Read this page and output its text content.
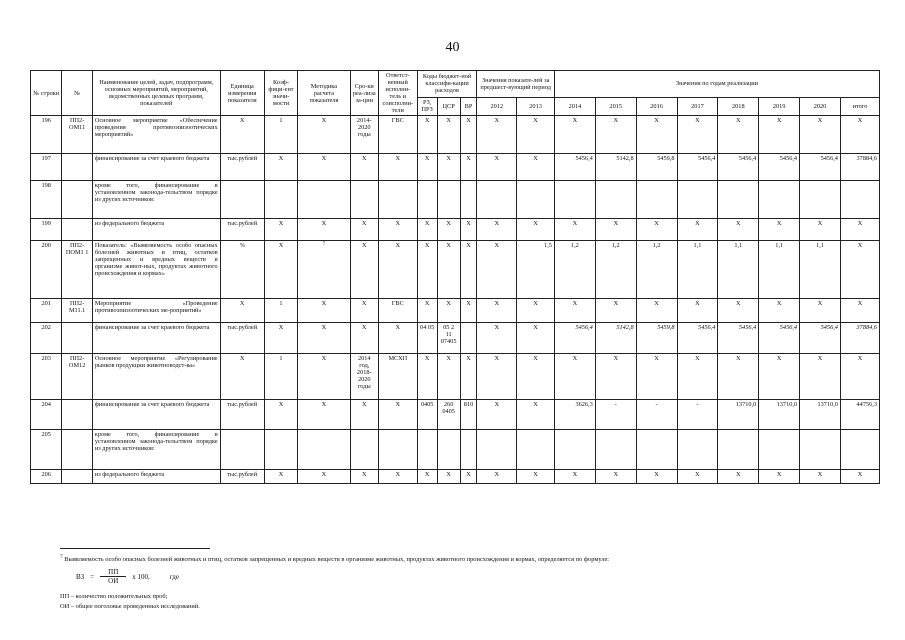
40
№ строки	№	Наименование целей, задач, подпрограмм, основных мероприятий, мероприятий, ведомственных целевых программ, показателей	Единица измерения показателя	Коэф-фици-ент значи-мости	Методика расчета показателя	Сро-ки реа-лиза за-ции	Ответст-венный исполни-тель и соисполни-тели	Коды бюджет-ной классифи-кации расходов			Значения показате-лей за предшест-вующий период		Значения по годам реализации							
								РЗ, ПРЗ	ЦСР	ВР	2012	2013	2014	2015	2016	2017	2018	2019	2020	итого
196	ПП2-ОМ11	Основное мероприятие «Обеспечение проведения противоэпизоотических мероприятий»	X	1	X	2014-2020 годы	ГВС	X	X	X	X	X	X	X	X	X	X	X	X	X
197		финансирование за счет краевого бюджета	тыс.рублей	X	X	X	X	X	X	X	X	X	5456,4	5142,8	5459,8	5456,4	5456,4	5456,4	5456,4	37884,6
198		кроме того, финансирование в установленном законода-тельством порядке из других источников:																		
199		из федерального бюджета	тыс.рублей	X	X	X	X	X	X	X	X	X	X	X	X	X	X	X	X	X
200	ПП2-ПОМ1 1	Показатель: «Выявляемость особо опасных болезней животных и птиц, остатков запрещенных и вредных веществ в организме живот-ных, продуктах животного происхождения и кормах»	%	X	7	X	X	X	X	X	X	1,5	1,2	1,2	1,2	1,1	1,1	1,1	1,1	X
201	ПП2-М11.1	Мероприятие «Проведение противоэпизоотических ме-роприятий»	X	1	X	X	ГВС	X	X	X	X	X	X	X	X	X	X	X	X	X
202		финансирование за счет краевого бюджета	тыс.рублей	X	X	X	X	04 05	05 2 11 07405		X	X	5456,4	5142,8	5459,8	5456,4	5456,4	5456,4	5456,4	37884,6
203	ПП2-ОМ12	Основное мероприятие «Регулирование рынков продукции животноводст-ва»	X	1	X	2014 год, 2018-2020 годы	МСХП	X	X	X	X	X	X	X	X	X	X	X	X	X
204		финансирование за счет краевого бюджета	тыс.рублей	X	X	X	X	0405	260 0405	810	X	X	3626,3	-	-	-	13710,0	13710,0	13710,0	44756,3
205		кроме того, финансирование в установленном законода-тельством порядке из других источников:																		
206		из федерального бюджета	тыс.рублей	X	X	X	X	X	X	X	X	X	X	X	X	X	X	X	X	X
$^7$ Выявляемость особо опасных болезней животных и птиц, остатков запрещенных и вредных веществ в организме животных, продуктах животного происхождения и кормах, определяется по формуле:
ВЗ = $\frac{ПП}{ОИ}$ х 100,	где
ПП – количество положительных проб;
ОИ – общее поголовье проведенных исследований.
